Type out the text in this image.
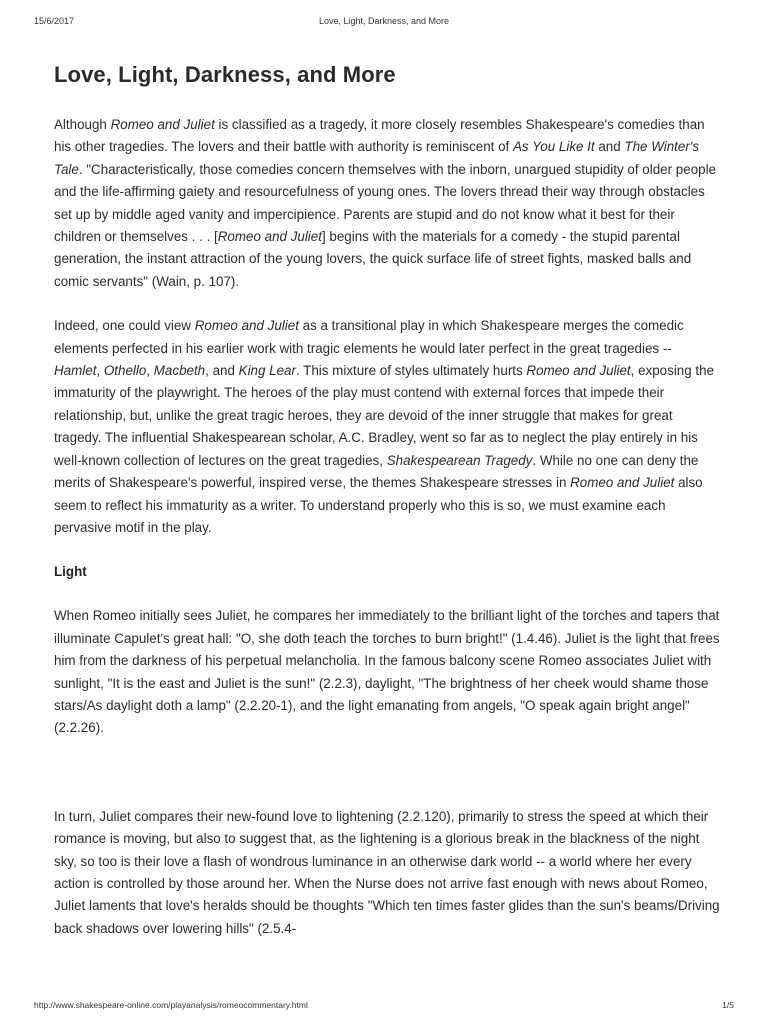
15/6/2017	Love, Light, Darkness, and More
Love, Light, Darkness, and More

Although Romeo and Juliet is classified as a tragedy, it more closely resembles Shakespeare's comedies than his other tragedies. The lovers and their battle with authority is reminiscent of As You Like It and The Winter's Tale. "Characteristically, those comedies concern themselves with the inborn, unargued stupidity of older people and the life-affirming gaiety and resourcefulness of young ones. The lovers thread their way through obstacles set up by middle aged vanity and impercipience. Parents are stupid and do not know what it best for their children or themselves . . . [Romeo and Juliet] begins with the materials for a comedy - the stupid parental generation, the instant attraction of the young lovers, the quick surface life of street fights, masked balls and comic servants" (Wain, p. 107).

Indeed, one could view Romeo and Juliet as a transitional play in which Shakespeare merges the comedic elements perfected in his earlier work with tragic elements he would later perfect in the great tragedies -- Hamlet, Othello, Macbeth, and King Lear. This mixture of styles ultimately hurts Romeo and Juliet, exposing the immaturity of the playwright. The heroes of the play must contend with external forces that impede their relationship, but, unlike the great tragic heroes, they are devoid of the inner struggle that makes for great tragedy. The influential Shakespearean scholar, A.C. Bradley, went so far as to neglect the play entirely in his well-known collection of lectures on the great tragedies, Shakespearean Tragedy. While no one can deny the merits of Shakespeare's powerful, inspired verse, the themes Shakespeare stresses in Romeo and Juliet also seem to reflect his immaturity as a writer. To understand properly who this is so, we must examine each pervasive motif in the play.

Light

When Romeo initially sees Juliet, he compares her immediately to the brilliant light of the torches and tapers that illuminate Capulet's great hall: "O, she doth teach the torches to burn bright!" (1.4.46). Juliet is the light that frees him from the darkness of his perpetual melancholia. In the famous balcony scene Romeo associates Juliet with sunlight, "It is the east and Juliet is the sun!" (2.2.3), daylight, "The brightness of her cheek would shame those stars/As daylight doth a lamp" (2.2.20-1), and the light emanating from angels, "O speak again bright angel" (2.2.26).

In turn, Juliet compares their new-found love to lightening (2.2.120), primarily to stress the speed at which their romance is moving, but also to suggest that, as the lightening is a glorious break in the blackness of the night sky, so too is their love a flash of wondrous luminance in an otherwise dark world -- a world where her every action is controlled by those around her. When the Nurse does not arrive fast enough with news about Romeo, Juliet laments that love's heralds should be thoughts "Which ten times faster glides than the sun's beams/Driving back shadows over lowering hills" (2.5.4-

http://www.shakespeare-online.com/playanalysis/romeocommentary.html	1/5
